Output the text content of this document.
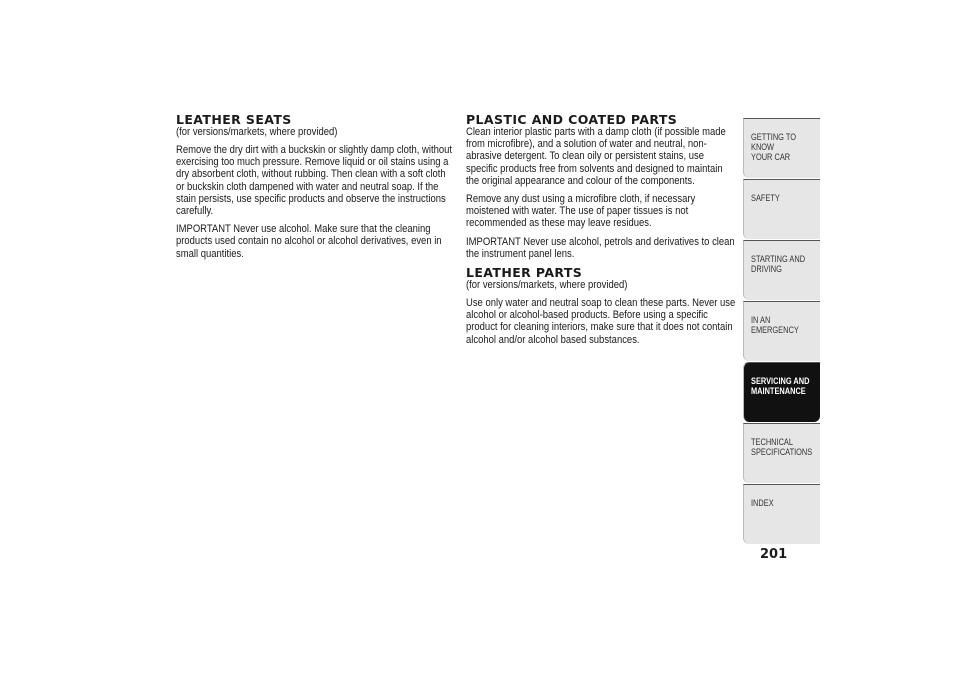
LEATHER SEATS
(for versions/markets, where provided)

Remove the dry dirt with a buckskin or slightly damp cloth, without exercising too much pressure. Remove liquid or oil stains using a dry absorbent cloth, without rubbing. Then clean with a soft cloth or buckskin cloth dampened with water and neutral soap. If the stain persists, use specific products and observe the instructions carefully.

IMPORTANT Never use alcohol. Make sure that the cleaning products used contain no alcohol or alcohol derivatives, even in small quantities.

PLASTIC AND COATED PARTS

Clean interior plastic parts with a damp cloth (if possible made from microfibre), and a solution of water and neutral, non-abrasive detergent. To clean oily or persistent stains, use specific products free from solvents and designed to maintain the original appearance and colour of the components.

Remove any dust using a microfibre cloth, if necessary moistened with water. The use of paper tissues is not recommended as these may leave residues.

IMPORTANT Never use alcohol, petrols and derivatives to clean the instrument panel lens.

LEATHER PARTS
(for versions/markets, where provided)

Use only water and neutral soap to clean these parts. Never use alcohol or alcohol-based products. Before using a specific product for cleaning interiors, make sure that it does not contain alcohol and/or alcohol based substances.

GETTING TO KNOW
YOUR CAR
SAFETY
STARTING AND
DRIVING
IN AN EMERGENCY
SERVICING AND
MAINTENANCE
TECHNICAL
SPECIFICATIONS
INDEX
201
